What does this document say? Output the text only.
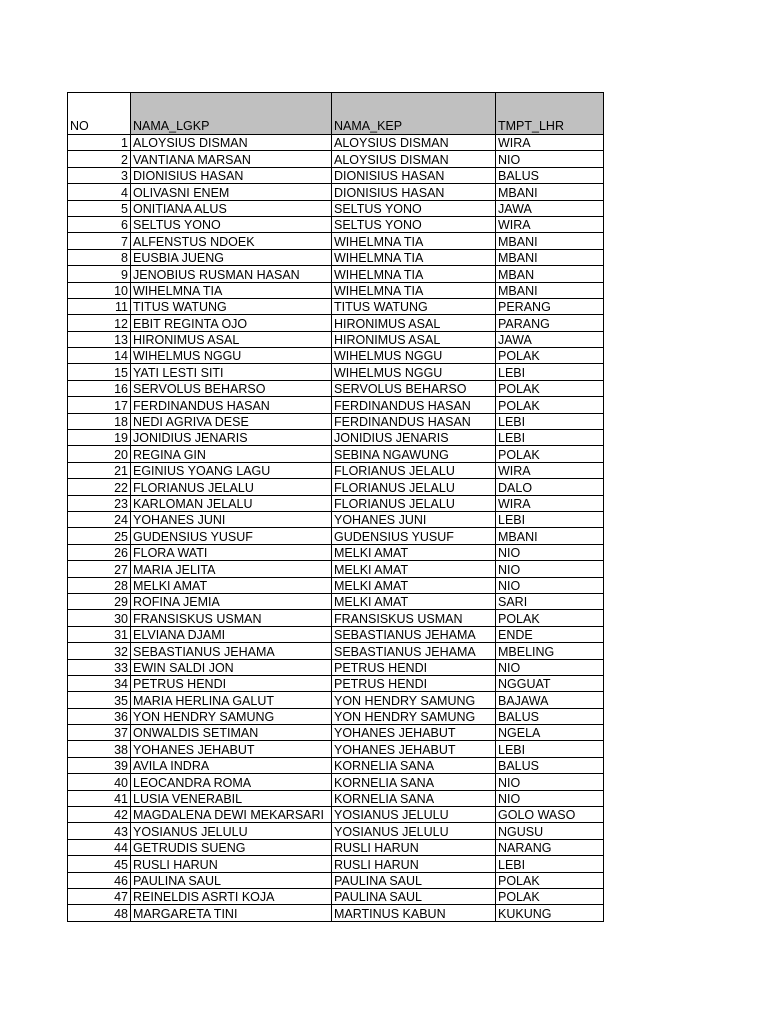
NO	NAMA_LGKP	NAMA_KEP	TMPT_LHR
1	ALOYSIUS DISMAN	ALOYSIUS DISMAN	WIRA
2	VANTIANA MARSAN	ALOYSIUS DISMAN	NIO
3	DIONISIUS HASAN	DIONISIUS HASAN	BALUS
4	OLIVASNI ENEM	DIONISIUS HASAN	MBANI
5	ONITIANA ALUS	SELTUS YONO	JAWA
6	SELTUS YONO	SELTUS YONO	WIRA
7	ALFENSTUS NDOEK	WIHELMNA TIA	MBANI
8	EUSBIA JUENG	WIHELMNA TIA	MBANI
9	JENOBIUS RUSMAN HASAN	WIHELMNA TIA	MBAN
10	WIHELMNA TIA	WIHELMNA TIA	MBANI
11	TITUS WATUNG	TITUS WATUNG	PERANG
12	EBIT REGINTA OJO	HIRONIMUS ASAL	PARANG
13	HIRONIMUS ASAL	HIRONIMUS ASAL	JAWA
14	WIHELMUS NGGU	WIHELMUS NGGU	POLAK
15	YATI LESTI SITI	WIHELMUS NGGU	LEBI
16	SERVOLUS BEHARSO	SERVOLUS BEHARSO	POLAK
17	FERDINANDUS HASAN	FERDINANDUS HASAN	POLAK
18	NEDI AGRIVA DESE	FERDINANDUS HASAN	LEBI
19	JONIDIUS JENARIS	JONIDIUS JENARIS	LEBI
20	REGINA GIN	SEBINA NGAWUNG	POLAK
21	EGINIUS YOANG LAGU	FLORIANUS JELALU	WIRA
22	FLORIANUS JELALU	FLORIANUS JELALU	DALO
23	KARLOMAN JELALU	FLORIANUS JELALU	WIRA
24	YOHANES JUNI	YOHANES JUNI	LEBI
25	GUDENSIUS YUSUF	GUDENSIUS YUSUF	MBANI
26	FLORA WATI	MELKI AMAT	NIO
27	MARIA JELITA	MELKI AMAT	NIO
28	MELKI AMAT	MELKI AMAT	NIO
29	ROFINA JEMIA	MELKI AMAT	SARI
30	FRANSISKUS USMAN	FRANSISKUS USMAN	POLAK
31	ELVIANA DJAMI	SEBASTIANUS JEHAMA	ENDE
32	SEBASTIANUS JEHAMA	SEBASTIANUS JEHAMA	MBELING
33	EWIN SALDI JON	PETRUS HENDI	NIO
34	PETRUS HENDI	PETRUS HENDI	NGGUAT
35	MARIA HERLINA GALUT	YON HENDRY SAMUNG	BAJAWA
36	YON HENDRY SAMUNG	YON HENDRY SAMUNG	BALUS
37	ONWALDIS SETIMAN	YOHANES JEHABUT	NGELA
38	YOHANES JEHABUT	YOHANES JEHABUT	LEBI
39	AVILA INDRA	KORNELIA SANA	BALUS
40	LEOCANDRA ROMA	KORNELIA SANA	NIO
41	LUSIA VENERABIL	KORNELIA SANA	NIO
42	MAGDALENA DEWI MEKARSARI	YOSIANUS JELULU	GOLO WASO
43	YOSIANUS JELULU	YOSIANUS JELULU	NGUSU
44	GETRUDIS SUENG	RUSLI HARUN	NARANG
45	RUSLI HARUN	RUSLI HARUN	LEBI
46	PAULINA SAUL	PAULINA SAUL	POLAK
47	REINELDIS ASRTI KOJA	PAULINA SAUL	POLAK
48	MARGARETA TINI	MARTINUS KABUN	KUKUNG
